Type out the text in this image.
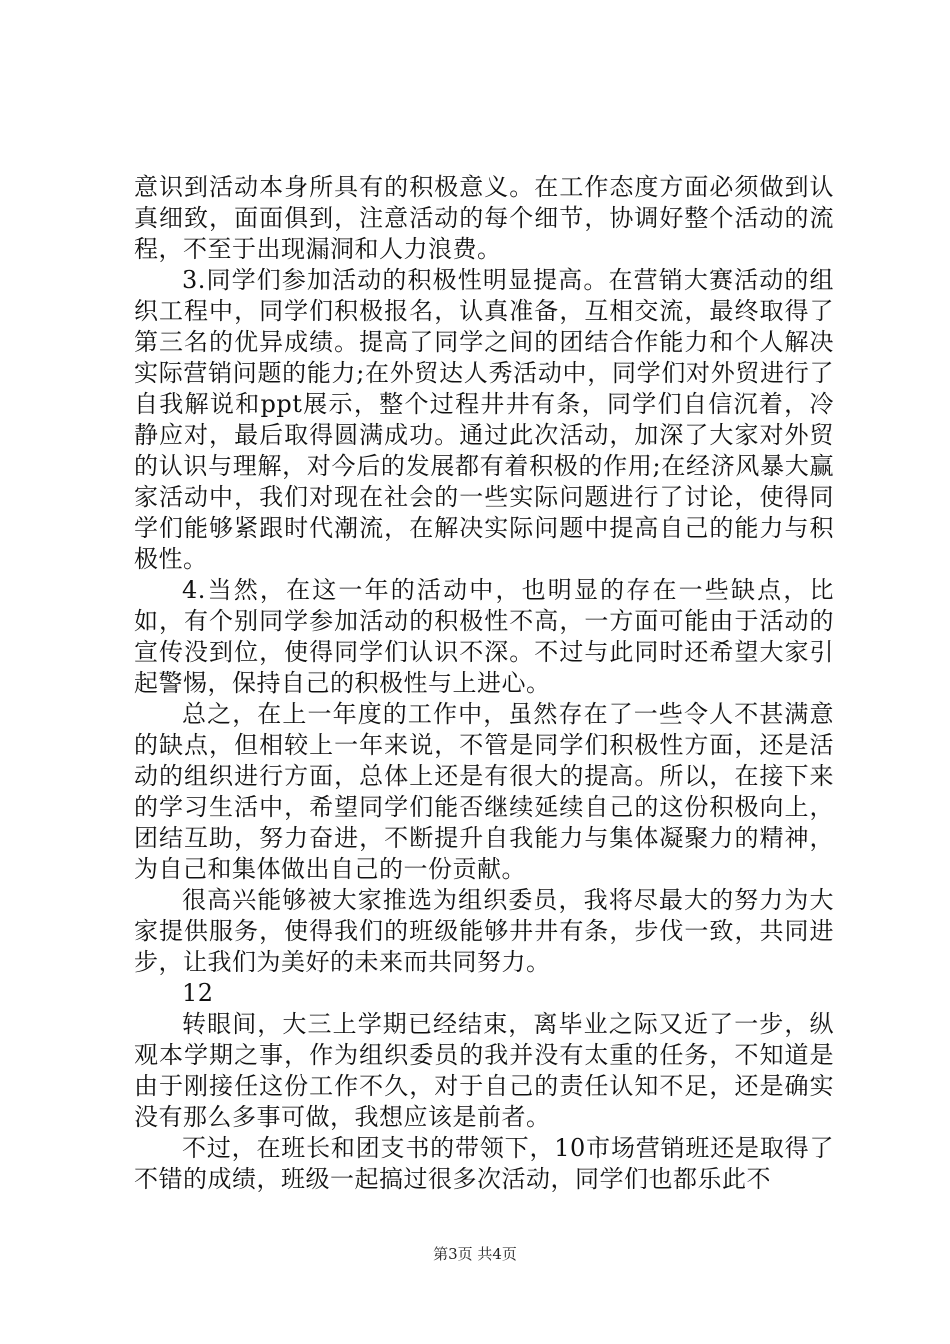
意识到活动本身所具有的积极意义。在工作态度方面必须做到认真细致，面面俱到，注意活动的每个细节，协调好整个活动的流程，不至于出现漏洞和人力浪费。

3.同学们参加活动的积极性明显提高。在营销大赛活动的组织工程中，同学们积极报名，认真准备，互相交流，最终取得了第三名的优异成绩。提高了同学之间的团结合作能力和个人解决实际营销问题的能力;在外贸达人秀活动中，同学们对外贸进行了自我解说和ppt展示，整个过程井井有条，同学们自信沉着，冷静应对，最后取得圆满成功。通过此次活动，加深了大家对外贸的认识与理解，对今后的发展都有着积极的作用;在经济风暴大赢家活动中，我们对现在社会的一些实际问题进行了讨论，使得同学们能够紧跟时代潮流，在解决实际问题中提高自己的能力与积极性。

4.当然，在这一年的活动中，也明显的存在一些缺点，比如，有个别同学参加活动的积极性不高，一方面可能由于活动的宣传没到位，使得同学们认识不深。不过与此同时还希望大家引起警惕，保持自己的积极性与上进心。

总之，在上一年度的工作中，虽然存在了一些令人不甚满意的缺点，但相较上一年来说，不管是同学们积极性方面，还是活动的组织进行方面，总体上还是有很大的提高。所以，在接下来的学习生活中，希望同学们能否继续延续自己的这份积极向上，团结互助，努力奋进，不断提升自我能力与集体凝聚力的精神，为自己和集体做出自己的一份贡献。

很高兴能够被大家推选为组织委员，我将尽最大的努力为大家提供服务，使得我们的班级能够井井有条，步伐一致，共同进步，让我们为美好的未来而共同努力。

12

转眼间，大三上学期已经结束，离毕业之际又近了一步，纵观本学期之事，作为组织委员的我并没有太重的任务，不知道是由于刚接任这份工作不久，对于自己的责任认知不足，还是确实没有那么多事可做，我想应该是前者。

不过，在班长和团支书的带领下，10市场营销班还是取得了不错的成绩，班级一起搞过很多次活动，同学们也都乐此不

第3页 共4页
